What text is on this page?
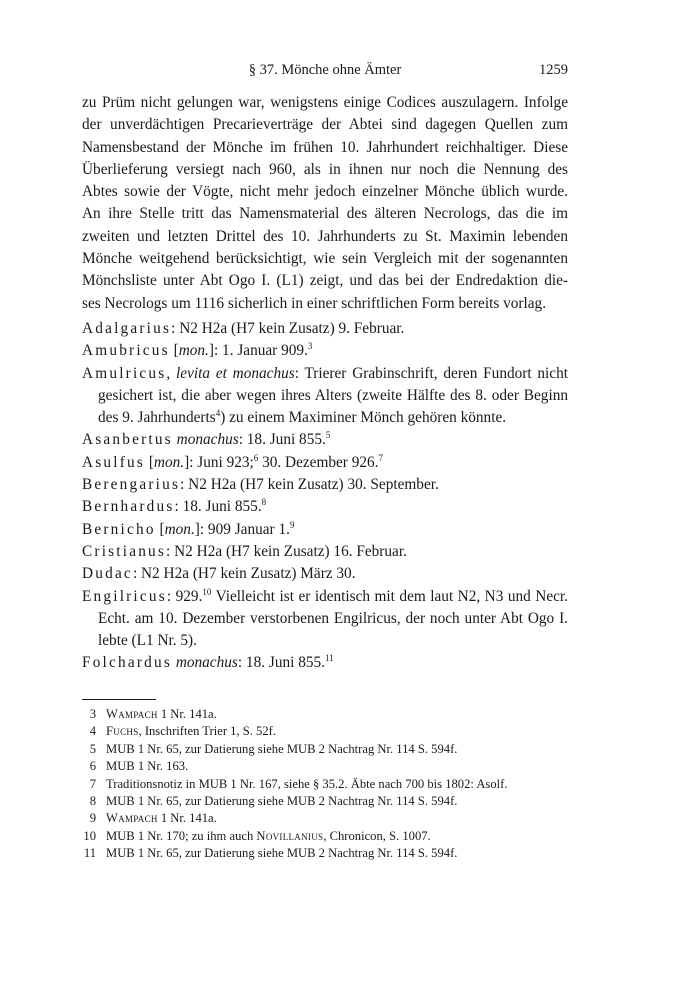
§ 37. Mönche ohne Ämter	1259

zu Prüm nicht gelungen war, wenigstens einige Codices auszulagern. Infolge
der unverdächtigen Precarieverträge der Abtei sind dagegen Quellen zum
Namensbestand der Mönche im frühen 10. Jahrhundert reichhaltiger. Diese
Überlieferung versiegt nach 960, als in ihnen nur noch die Nennung des
Abtes sowie der Vögte, nicht mehr jedoch einzelner Mönche üblich wurde.
An ihre Stelle tritt das Namensmaterial des älteren Necrologs, das die im
zweiten und letzten Drittel des 10. Jahrhunderts zu St. Maximin lebenden
Mönche weitgehend berücksichtigt, wie sein Vergleich mit der sogenannten
Mönchsliste unter Abt Ogo I. (L1) zeigt, und das bei der Endredaktion die-
ses Necrologs um 1116 sicherlich in einer schriftlichen Form bereits vorlag.

Adalgarius: N2 H2a (H7 kein Zusatz) 9. Februar.
Amubricus [mon.]: 1. Januar 909.$^3$
Amulricus, levita et monachus: Trierer Grabinschrift, deren Fundort nicht gesichert ist, die aber wegen ihres Alters (zweite Hälfte des 8. oder Beginn des 9. Jahrhunderts$^4$) zu einem Maximiner Mönch gehören könnte.
Asanbertus monachus: 18. Juni 855.$^5$
Asulfus [mon.]: Juni 923;$^6$ 30. Dezember 926.$^7$
Berengarius: N2 H2a (H7 kein Zusatz) 30. September.
Bernhardus: 18. Juni 855.$^8$
Bernicho [mon.]: 909 Januar 1.$^9$
Cristianus: N2 H2a (H7 kein Zusatz) 16. Februar.
Dudac: N2 H2a (H7 kein Zusatz) März 30.
Engilricus: 929.10 Vielleicht ist er identisch mit dem laut N2, N3 und Necr. Echt. am 10. Dezember verstorbenen Engilricus, der noch unter Abt Ogo I. lebte (L1 Nr. 5).
Folchardus monachus: 18. Juni 855.11
3 Wampach 1 Nr. 141a.
4 Fuchs, Inschriften Trier 1, S. 52f.
5 MUB 1 Nr. 65, zur Datierung siehe MUB 2 Nachtrag Nr. 114 S. 594f.
6 MUB 1 Nr. 163.
7 Traditionsnotiz in MUB 1 Nr. 167, siehe § 35.2. Äbte nach 700 bis 1802: Asolf.
8 MUB 1 Nr. 65, zur Datierung siehe MUB 2 Nachtrag Nr. 114 S. 594f.
9 Wampach 1 Nr. 141a.
10 MUB 1 Nr. 170; zu ihm auch Novillanius, Chronicon, S. 1007.
11 MUB 1 Nr. 65, zur Datierung siehe MUB 2 Nachtrag Nr. 114 S. 594f.
